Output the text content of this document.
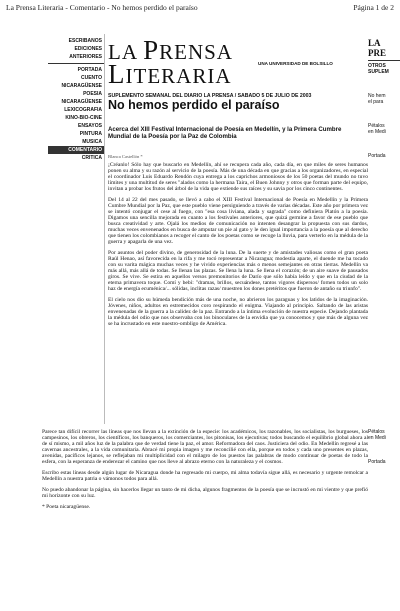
La Prensa Literaria - Comentario - No hemos perdido el paraíso	Página 1 de 2
ESCRIBANOS
EDICIONES
ANTERIORES
PORTADA
CUENTO
NICARAGÜENSE
POESIA
NICARAGÜENSE
LEXICOGRAFIA
KINO-BIO-CINE
ENSAYOS
PINTURA
MUSICA
COMENTARIO
CRITICA
LA PRENSA LITERARIA
UNA UNIVERSIDAD DE BOLSILLO
SUPLEMENTO SEMANAL DEL DIARIO LA PRENSA / SABADO 5 DE JULIO DE 2003
No hemos perdido el paraíso
Acerca del XIII Festival Internacional de Poesía en Medellín, y la Primera Cumbre Mundial de la Poesía por la Paz de Colombia
Blanca Castellón *

¡Créanlo! Sólo hay que buscarlo en Medellín, ahí se recupera cada año, cada día, en que miles de seres humanos ponen su alma y su razón al servicio de la poesía. Más de una década en que gracias a los organizadores, en especial el coordinador Luis Eduardo Rendón cuya entrega a los caprichos armoniosos de los 50 poetas del mundo no tuvo límites y una multitud de seres "alados como la hermana Taira, el Buen Johnny y otros que forman parte del equipo, invitan a probar los frutos del árbol de la vida que extiende sus raíces y su savia por los cinco continentes.

Del 14 al 22 del mes pasado, se llevó a cabo el XIII Festival Internacional de Poesía en Medellín y la Primera Cumbre Mundial por la Paz, que este pueblo viene persiguiendo a través de varias décadas. Este año por primera vez se intentó conjugar el cese al fuego, con "esa cosa liviana, alada y sagrada" como definiera Platón a la poesía. Digamos una sencilla mejorada en cuanto a los festivales anteriores, que quizá germine a favor de ese pueblo que busca creatividad y arte. Ojalá los medios de comunicación no intenten desangrar la propuesta con sus dardos, muchas veces envenenados en busca de amputar un pie al gato y le den igual importancia a la poesía que al derecho que tienen los colombianos a recoger el canto de los poetas como se recoge la lluvia, para verterlo en la médula de la guerra y apagarla de una vez.

Por asuntos del poder divino, de generosidad de la luna. De la suerte y de amistades valiosas como el gran poeta Raúl Henao, así favorecida en la rifa y me tocó representar a Nicaragua; modestia aparte, el duende me ha tocado con su varita mágica muchas veces y he vivido experiencias más o menos semejantes en otras tierras. Medellín va más allá, más allá de todas. Se llenan las plazas. Se llena la luna. Se llena el corazón; de un aire suave de pausados giros. Se vive. Se estira en aquellos versos premonitorios de Darío que sólo había leído y que en la ciudad de la eterna primavera toque. Comí y bebí: "dramas, brillos, secuándese, tantos vigores dispersos/ fornen todos un solo haz de energía ecuménica/... sólidas, inclitas razas/ muestren los dones pretéritos que fueron de antaño su triunfo".

El cielo nos dio su húmeda bendición más de una noche, no abrieron los paraguas y los latidos de la imaginación. Jóvenes, niños, adultos en estremecidos coro respirando el enigma. Viajando al principio. Saltando de las aristas envenenadas de la guerra a la calidez de la paz. Entrando a la íntima evolución de nuestra especie. Dejando plantada la médula del odio que nos observaba con los binoculares de la envidia que ya conocemos y que más de alguna vez se ha incrustado en este nuestro-ombligo de América.

Parece tan difícil recorrer las líneas que nos llevan a la extinción de la especie: los académicos, los razonables, los socialistas, los burgueses, los campesinos, los obreros, los científicos, los banqueros, los comerciantes, los pitonisas, los ejecutivas; todos buscando el equilibrio global ahora al de sí mismo, a mil años luz de la palabra que de verdad tiene la paz, el amor. Reformadora del caos. Justiciera del odio. En Medellín regresé a las cavernas ancestrales, a la vida comunitaria. Abracé mi propia imagen y me reconcilié con ella, porque en todos y cada uno presentes en plazas, avenidas, pacíficos lejanos, se reflejaban mi multiplicidad con el milagro de los puestos las palabras de modo continuar de poetas de todo la esfera, con la esperanza de enderezar el camino que nos lleve al abrazo eterno con la naturaleza y el cosmos.

Escribo estas líneas desde algún lugar de Nicaragua donde ha regresado mi cuerpo, mi alma todavía sigue allá, es necesario y urgente remolcar a Medellín a nuestra patria o vámonos todos para allá.

No puedo abandonar la página, sin hacerlos llegar un tanto de mi dicha, algunos fragmentos de la poesía que se incrustó en mi vientre y que prefió mi horizonte con su luz.

* Poeta nicaragüense.

LA PRE
OTROS
SUPLEM
No hem
el para
Pétalos
en Medi
Portada
Pétalos
en Medi
Portada
